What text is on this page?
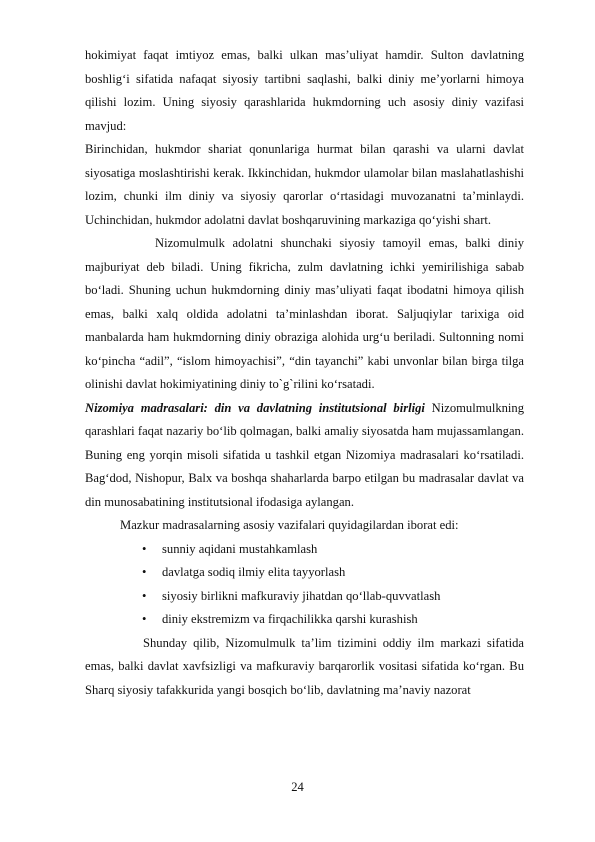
hokimiyat faqat imtiyoz emas, balki ulkan mas’uliyat hamdir. Sulton davlatning boshlig‘i sifatida nafaqat siyosiy tartibni saqlashi, balki diniy me’yorlarni himoya qilishi lozim. Uning siyosiy qarashlarida hukmdorning uch asosiy diniy vazifasi mavjud:

Birinchidan, hukmdor shariat qonunlariga hurmat bilan qarashi va ularni davlat siyosatiga moslashtirishi kerak. Ikkinchidan, hukmdor ulamolar bilan maslahatlashishi lozim, chunki ilm diniy va siyosiy qarorlar o‘rtasidagi muvozanatni ta’minlaydi. Uchinchidan, hukmdor adolatni davlat boshqaruvining markaziga qo‘yishi shart.

Nizomulmulk adolatni shunchaki siyosiy tamoyil emas, balki diniy majburiyat deb biladi. Uning fikricha, zulm davlatning ichki yemirilishiga sabab bo‘ladi. Shuning uchun hukmdorning diniy mas’uliyati faqat ibodatni himoya qilish emas, balki xalq oldida adolatni ta’minlashdan iborat. Saljuqiylar tarixiga oid manbalarda ham hukmdorning diniy obraziga alohida urg‘u beriladi. Sultonning nomi ko‘pincha “adil”, “islom himoyachisi”, “din tayanchi” kabi unvonlar bilan birga tilga olinishi davlat hokimiyatining diniy to`g`rilini ko‘rsatadi.

Nizomiya madrasalari: din va davlatning institutsional birligi Nizomulmulkning qarashlari faqat nazariy bo‘lib qolmagan, balki amaliy siyosatda ham mujassamlangan. Buning eng yorqin misoli sifatida u tashkil etgan Nizomiya madrasalari ko‘rsatiladi. Bag‘dod, Nishopur, Balx va boshqa shaharlarda barpo etilgan bu madrasalar davlat va din munosabatining institutsional ifodasiga aylangan.

Mazkur madrasalarning asosiy vazifalari quyidagilardan iborat edi:

• sunniy aqidani mustahkamlash
• davlatga sodiq ilmiy elita tayyorlash
• siyosiy birlikni mafkuraviy jihatdan qo‘llab-quvvatlash
• diniy ekstremizm va firqachilikka qarshi kurashish

Shunday qilib, Nizomulmulk ta’lim tizimini oddiy ilm markazi sifatida emas, balki davlat xavfsizligi va mafkuraviy barqarorlik vositasi sifatida ko‘rgan. Bu Sharq siyosiy tafakkurida yangi bosqich bo‘lib, davlatning ma’naviy nazorat

24
